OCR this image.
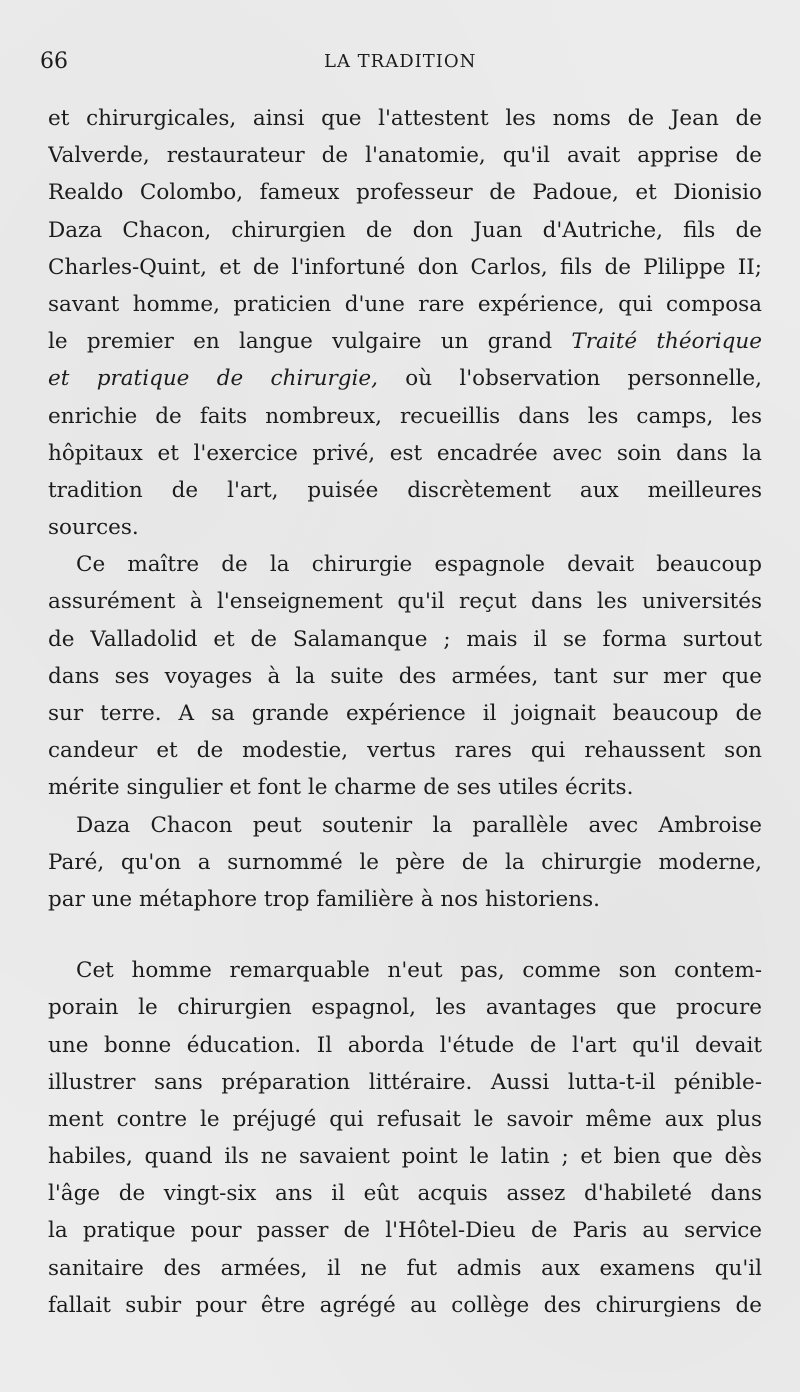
66	LA TRADITION
et chirurgicales, ainsi que l'attestent les noms de Jean de
Valverde, restaurateur de l'anatomie, qu'il avait apprise de
Realdo Colombo, fameux professeur de Padoue, et Dionisio
Daza Chacon, chirurgien de don Juan d'Autriche, fils de
Charles-Quint, et de l'infortuné don Carlos, fils de Plilippe II;
savant homme, praticien d'une rare expérience, qui composa
le premier en langue vulgaire un grand Traité théorique
et pratique de chirurgie, où l'observation personnelle,
enrichie de faits nombreux, recueillis dans les camps, les
hôpitaux et l'exercice privé, est encadrée avec soin dans la
tradition de l'art, puisée discrètement aux meilleures
sources.
Ce maître de la chirurgie espagnole devait beaucoup
assurément à l'enseignement qu'il reçut dans les universités
de Valladolid et de Salamanque ; mais il se forma surtout
dans ses voyages à la suite des armées, tant sur mer que
sur terre. A sa grande expérience il joignait beaucoup de
candeur et de modestie, vertus rares qui rehaussent son
mérite singulier et font le charme de ses utiles écrits.
Daza Chacon peut soutenir la parallèle avec Ambroise
Paré, qu'on a surnommé le père de la chirurgie moderne,
par une métaphore trop familière à nos historiens.
Cet homme remarquable n'eut pas, comme son contem-
porain le chirurgien espagnol, les avantages que procure
une bonne éducation. Il aborda l'étude de l'art qu'il devait
illustrer sans préparation littéraire. Aussi lutta-t-il pénible-
ment contre le préjugé qui refusait le savoir même aux plus
habiles, quand ils ne savaient point le latin ; et bien que dès
l'âge de vingt-six ans il eût acquis assez d'habileté dans
la pratique pour passer de l'Hôtel-Dieu de Paris au service
sanitaire des armées, il ne fut admis aux examens qu'il
fallait subir pour être agrégé au collège des chirurgiens de
